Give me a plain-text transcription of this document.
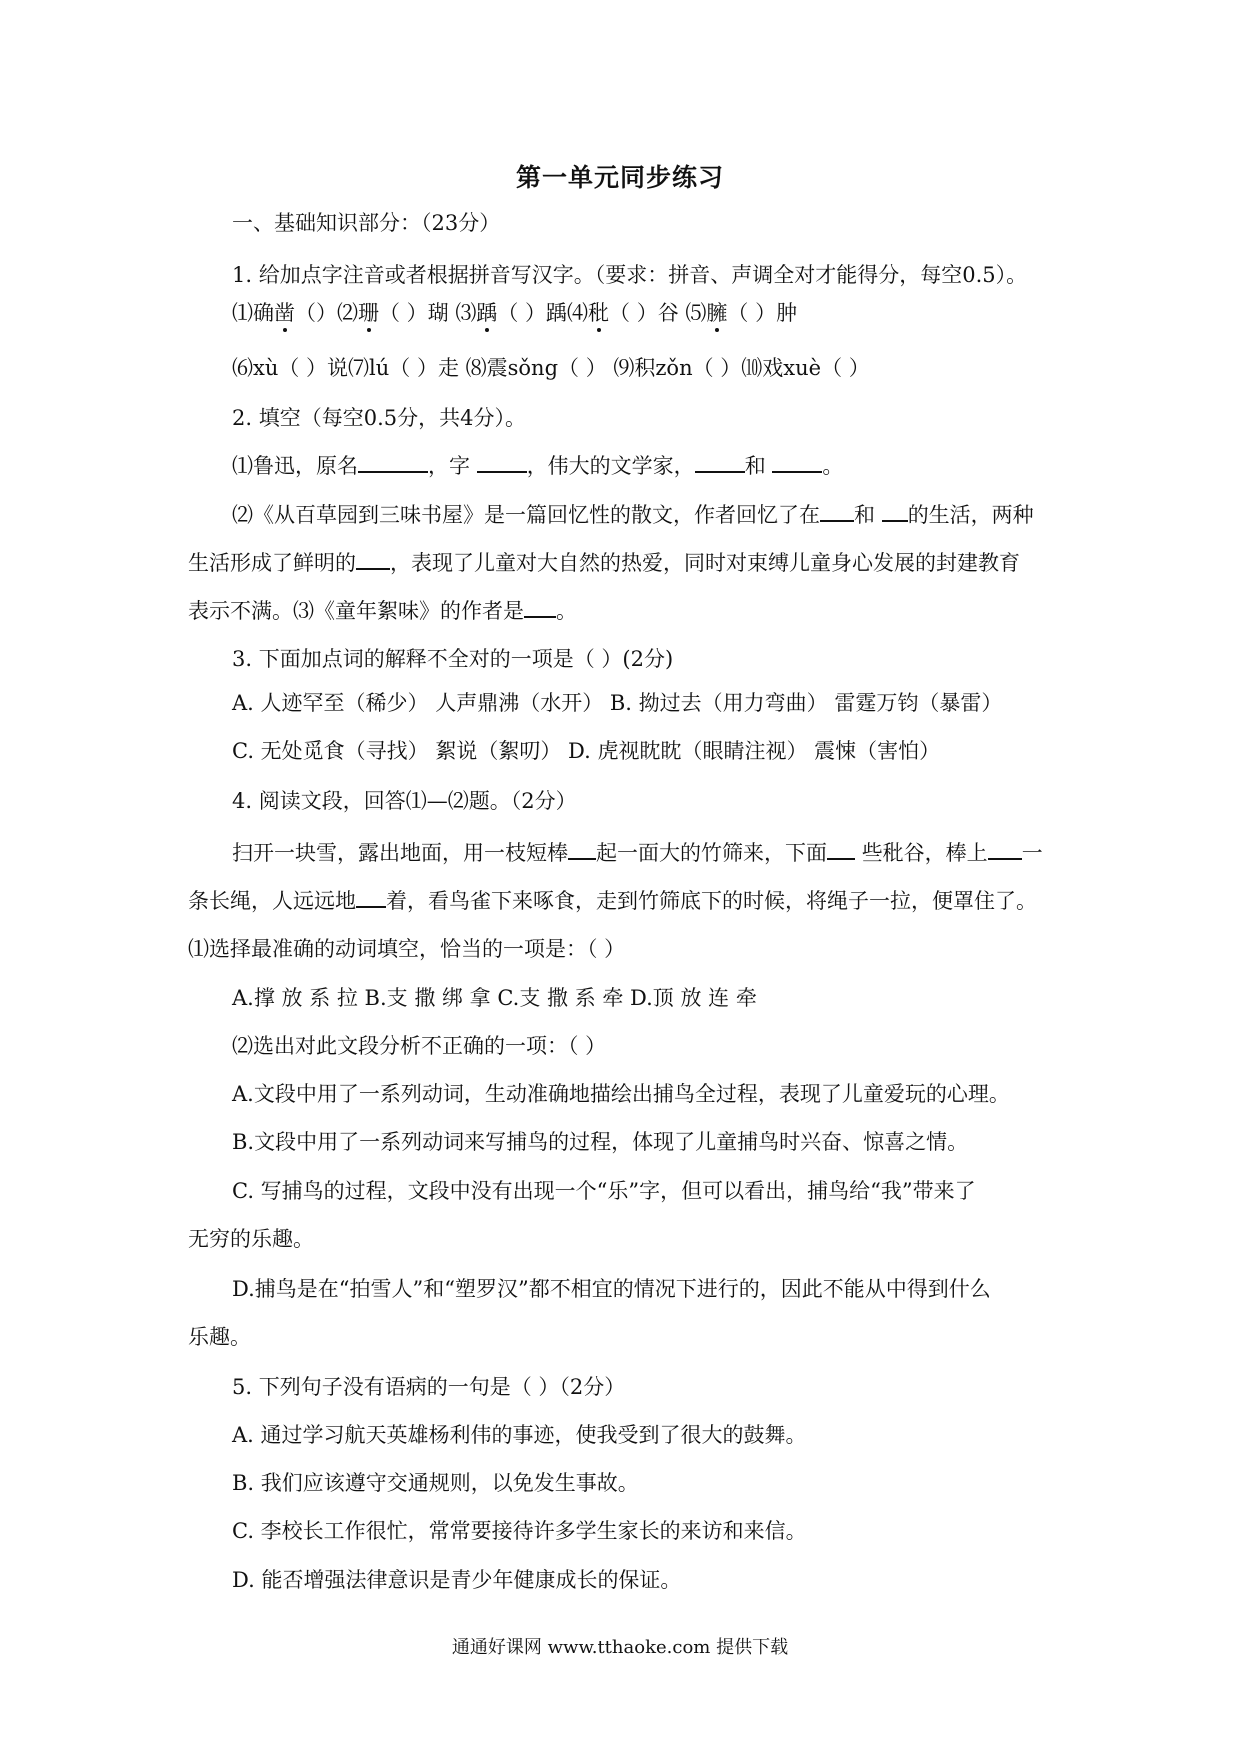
第一单元同步练习
一、基础知识部分：（23分）
1. 给加点字注音或者根据拼音写汉字。（要求：拼音、声调全对才能得分，每空0.5）。
⑴确凿（）⑵珊（ ）瑚 ⑶踽（ ）踽⑷秕（ ）谷 ⑸臃（ ）肿
⑹xù（ ）说⑺lú（ ）走 ⑻震sǒng（ ） ⑼积zǒn（ ）⑽戏xuè（ ）
2. 填空（每空0.5分，共4分）。
⑴鲁迅，原名	，字	，伟大的文学家， 和	。
⑵《从百草园到三味书屋》是一篇回忆性的散文，作者回忆了在 和 的生活，两种
生活形成了鲜明的 ，表现了儿童对大自然的热爱，同时对束缚儿童身心发展的封建教育
表示不满。⑶《童年絮味》的作者是 。
3. 下面加点词的解释不全对的一项是（ ）(2分)
A. 人迹罕至（稀少） 人声鼎沸（水开） B. 拗过去（用力弯曲） 雷霆万钧（暴雷）
C. 无处觅食（寻找） 絮说（絮叨） D. 虎视眈眈（眼睛注视） 震悚（害怕）
4. 阅读文段，回答⑴—⑵题。（2分）
扫开一块雪，露出地面，用一枝短棒 起一面大的竹筛来，下面 些秕谷，棒上 一
条长绳，人远远地 着，看鸟雀下来啄食，走到竹筛底下的时候，将绳子一拉，便罩住了。
⑴选择最准确的动词填空，恰当的一项是：（ ）
A.撑 放 系 拉 B.支 撒 绑 拿 C.支 撒 系 牵 D.顶 放 连 牵
⑵选出对此文段分析不正确的一项：（ ）
A.文段中用了一系列动词，生动准确地描绘出捕鸟全过程，表现了儿童爱玩的心理。
B.文段中用了一系列动词来写捕鸟的过程，体现了儿童捕鸟时兴奋、惊喜之情。
C. 写捕鸟的过程，文段中没有出现一个“乐”字，但可以看出，捕鸟给“我”带来了
无穷的乐趣。
D.捕鸟是在“拍雪人”和“塑罗汉”都不相宜的情况下进行的，因此不能从中得到什么
乐趣。
5. 下列句子没有语病的一句是（ ）（2分）
A. 通过学习航天英雄杨利伟的事迹，使我受到了很大的鼓舞。
B. 我们应该遵守交通规则，以免发生事故。
C. 李校长工作很忙，常常要接待许多学生家长的来访和来信。
D. 能否增强法律意识是青少年健康成长的保证。
通通好课网 www.tthaoke.com 提供下载
